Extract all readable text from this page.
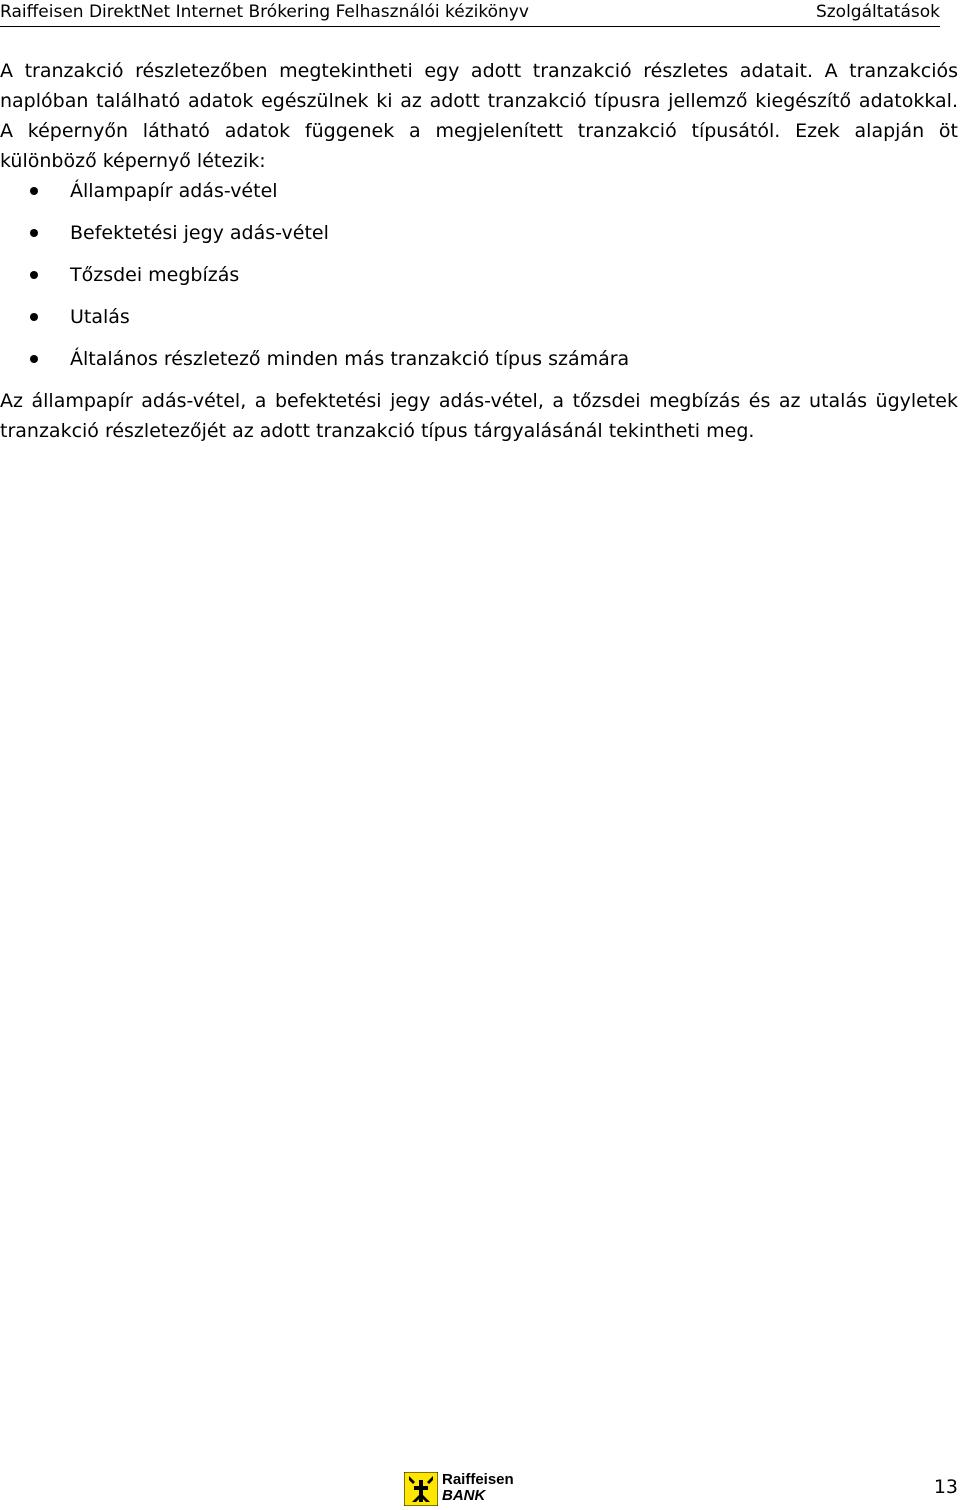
Raiffeisen DirektNet Internet Brókering Felhasználói kézikönyv	Szolgáltatások

A tranzakció részletezőben megtekintheti egy adott tranzakció részletes adatait. A tranzakciós naplóban található adatok egészülnek ki az adott tranzakció típusra jellemző kiegészítő adatokkal. A képernyőn látható adatok függenek a megjelenített tranzakció típusától. Ezek alapján öt különböző képernyő létezik:

Állampapír adás-vétel
Befektetési jegy adás-vétel
Tőzsdei megbízás
Utalás
Általános részletező minden más tranzakció típus számára

Az állampapír adás-vétel, a befektetési jegy adás-vétel, a tőzsdei megbízás és az utalás ügyletek tranzakció részletezőjét az adott tranzakció típus tárgyalásánál tekintheti meg.

Raiffeisen
BANK	13
